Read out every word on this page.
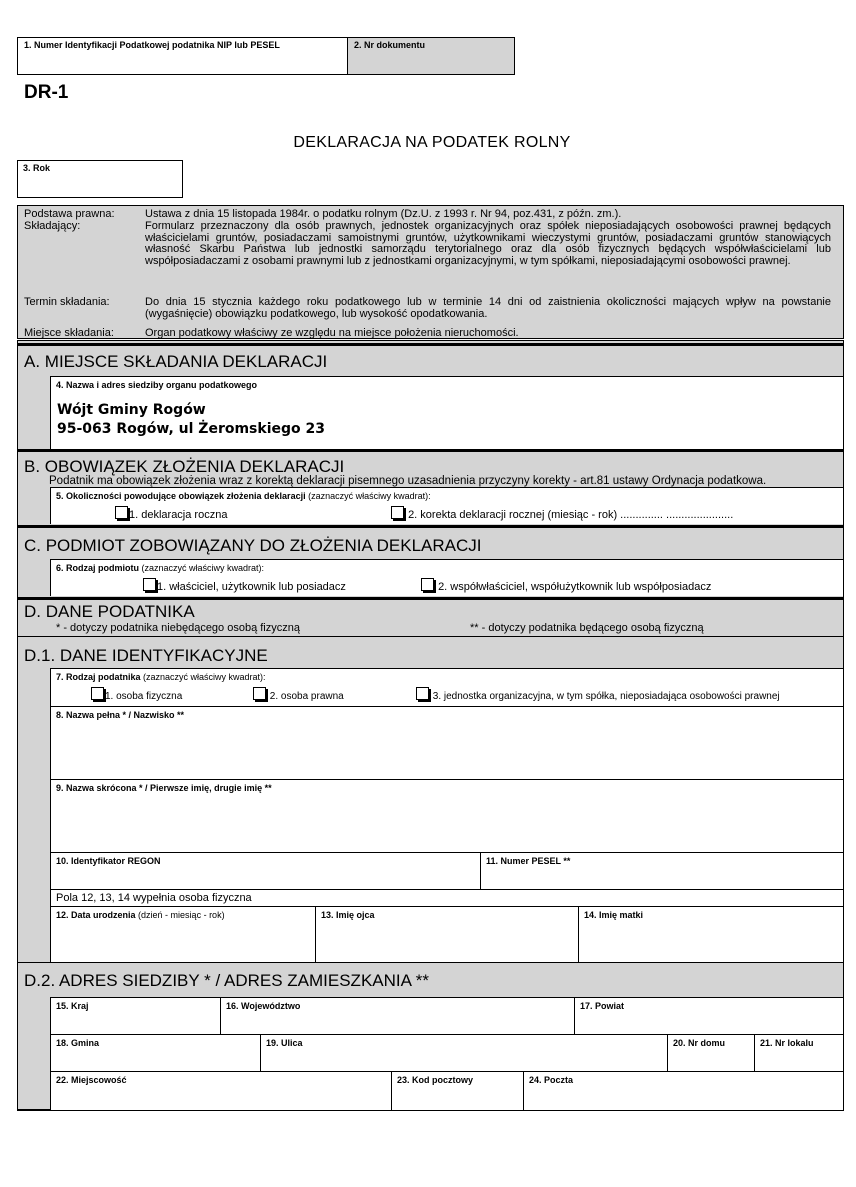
1. Numer Identyfikacji Podatkowej podatnika NIP lub PESEL	2. Nr dokumentu
DR-1
DEKLARACJA NA PODATEK ROLNY
3. Rok
Podstawa prawna:	Ustawa z dnia 15 listopada 1984r. o podatku rolnym (Dz.U. z 1993 r. Nr 94, poz.431, z późn. zm.).
Składający:	Formularz przeznaczony dla osób prawnych, jednostek organizacyjnych oraz spółek nieposiadających osobowości prawnej będących właścicielami gruntów, posiadaczami samoistnymi gruntów, użytkownikami wieczystymi gruntów, posiadaczami gruntów stanowiących własność Skarbu Państwa lub jednostki samorządu terytorialnego oraz dla osób fizycznych będących współwłaścicielami lub współposiadaczami z osobami prawnymi lub z jednostkami organizacyjnymi, w tym spółkami, nieposiadającymi osobowości prawnej.
Termin składania:	Do dnia 15 stycznia każdego roku podatkowego lub w terminie 14 dni od zaistnienia okoliczności mających wpływ na powstanie (wygaśnięcie) obowiązku podatkowego, lub wysokość opodatkowania.
Miejsce składania:	Organ podatkowy właściwy ze względu na miejsce położenia nieruchomości.
A. MIEJSCE SKŁADANIA DEKLARACJI
4. Nazwa i adres siedziby organu podatkowego
Wójt Gminy Rogów
95-063 Rogów, ul Żeromskiego 23
B. OBOWIĄZEK ZŁOŻENIA DEKLARACJI
Podatnik ma obowiązek złożenia wraz z korektą deklaracji pisemnego uzasadnienia przyczyny korekty - art.81 ustawy Ordynacja podatkowa.
5. Okoliczności powodujące obowiązek złożenia deklaracji (zaznaczyć właściwy kwadrat):
1. deklaracja roczna	2. korekta deklaracji rocznej (miesiąc - rok) .............. ......................
C. PODMIOT ZOBOWIĄZANY DO ZŁOŻENIA DEKLARACJI
6. Rodzaj podmiotu (zaznaczyć właściwy kwadrat):
1. właściciel, użytkownik lub posiadacz	2. współwłaściciel, współużytkownik lub współposiadacz
D. DANE PODATNIKA
* - dotyczy podatnika niebędącego osobą fizyczną	** - dotyczy podatnika będącego osobą fizyczną
D.1. DANE IDENTYFIKACYJNE
7. Rodzaj podatnika (zaznaczyć właściwy kwadrat):
1. osoba fizyczna	2. osoba prawna	3. jednostka organizacyjna, w tym spółka, nieposiadająca osobowości prawnej
8. Nazwa pełna * / Nazwisko **
9. Nazwa skrócona * / Pierwsze imię, drugie imię **
10. Identyfikator REGON	11. Numer PESEL **
Pola 12, 13, 14 wypełnia osoba fizyczna
12. Data urodzenia (dzień - miesiąc - rok)	13. Imię ojca	14. Imię matki
D.2. ADRES SIEDZIBY * / ADRES ZAMIESZKANIA **
15. Kraj	16. Województwo	17. Powiat
18. Gmina	19. Ulica	20. Nr domu	21. Nr lokalu
22. Miejscowość	23. Kod pocztowy	24. Poczta
